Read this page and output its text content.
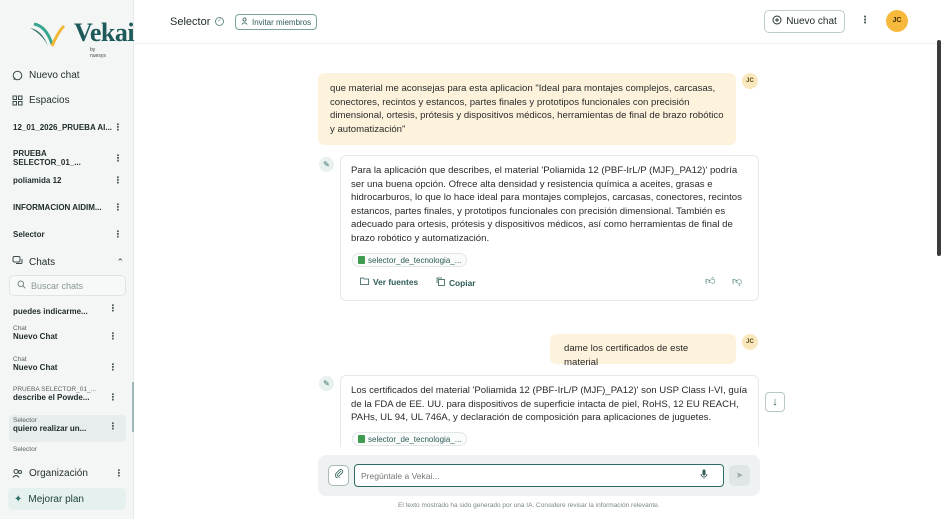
Vekai
by nuesys
Nuevo chat
Espacios
12_01_2026_PRUEBA AI... ⋮
PRUEBA SELECTOR_01_...	⋮
poliamida 12	⋮
INFORMACION AIDIM... ⋮
Selector	⋮
Chats	⌃
Buscar chats
puedes indicarme...	⋮
Chat
Nuevo Chat	⋮
Chat
Nuevo Chat	⋮
PRUEBA SELECTOR_01_...
describe el Powde...	⋮
Selector
quiero realizar un...	⋮
Selector
Organización	⋮
✦ Mejorar plan
Selector	✓	Invitar miembros	Nuevo chat ⋮	JC
que material me aconsejas para esta aplicacion "Ideal para montajes complejos, carcasas, conectores, recintos y estancos, partes finales y prototipos funcionales con precisión dimensional, ortesis, prótesis y dispositivos médicos, herramientas de final de brazo robótico y automatización"
JC
✎
Para la aplicación que describes, el material 'Poliamida 12 (PBF-IrL/P (MJF)_PA12)' podría ser una buena opción. Ofrece alta densidad y resistencia química a aceites, grasas e hidrocarburos, lo que lo hace ideal para montajes complejos, carcasas, conectores, recintos estancos, partes finales, y prototipos funcionales con precisión dimensional. También es adecuado para ortesis, prótesis y dispositivos médicos, así como herramientas de final de brazo robótico y automatización.
selector_de_tecnologia_...
Ver fuentes	Copiar	👍︎ 👎︎
dame los certificados de este material
JC
✎
Los certificados del material 'Poliamida 12 (PBF-IrL/P (MJF)_PA12)' son USP Class I-VI, guía de la FDA de EE. UU. para dispositivos de superficie intacta de piel, RoHS, 12 EU REACH, PAHs, UL 94, UL 746A, y declaración de composición para aplicaciones de juguetes.
selector_de_tecnologia_...
↓
Pregúntale a Vekai...
➤
El texto mostrado ha sido generado por una IA. Considere revisar la información relevante.
